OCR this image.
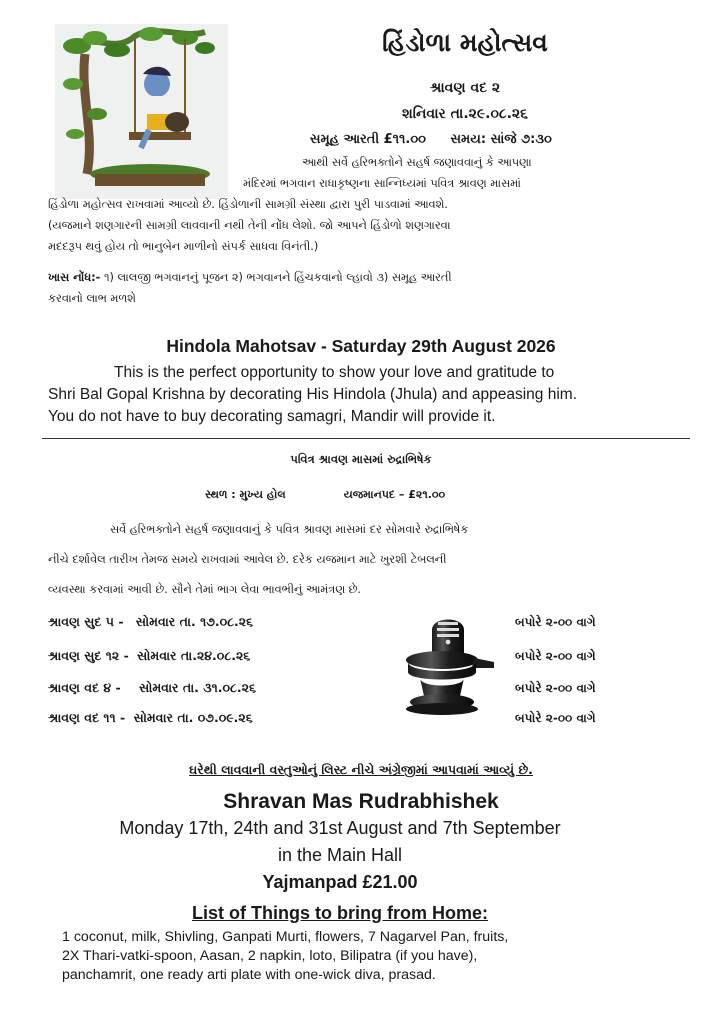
હિંડોળા મહોત્સવ
શ્રાવણ વદ ૨
શનિવાર તા.૨૯.૦૮.૨૬
સમૂહ આરતી £૧૧.૦૦ સમય: સાંજે ૭:૩૦
આથી સર્વે હરિભક્તોને સહર્ષ જણાવવાનું કે આપણા
મંદિરમાં ભગવાન રાધાકૃષ્ણના સાન્નિધ્યમાં પવિત્ર શ્રાવણ માસમાં
હિંડોળા મહોત્સવ રાખવામાં આવ્યો છે. હિંડોળાની સામગ્રી સંસ્થા દ્વારા પુરી પાડવામાં આવશે.
(યજમાને શણગારની સામગ્રી લાવવાની નથી તેની નોંધ લેશો. જો આપને હિંડોળો શણગારવા
મદદરૂપ થવું હોય તો ભાનુબેન માળીનો સંપર્ક સાધવા વિનંતી.)
ખાસ નોંધ:- ૧) લાલજી ભગવાનનું પૂજન ૨) ભગવાનને હિંચકવાનો લ્હાવો ૩) સમૂહ આરતી
કરવાનો લાભ મળશે
Hindola Mahotsav - Saturday 29th August 2026
This is the perfect opportunity to show your love and gratitude to
Shri Bal Gopal Krishna by decorating His Hindola (Jhula) and appeasing him.
You do not have to buy decorating samagri, Mandir will provide it.
પવિત્ર શ્રાવણ માસમાં રુદ્રાભિષેક
સ્થળ : મુખ્ય હોલ	યજમાનપદ – £૨૧.૦૦
સર્વે હરિભક્તોને સહર્ષ જણાવવાનું કે પવિત્ર શ્રાવણ માસમાં દર સોમવારે રુદ્રાભિષેક
નીચે દર્શાવેલ તારીખ તેમજ સમયે રાખવામાં આવેલ છે. દરેક યજમાન માટે ખુરશી ટેબલની
વ્યવસ્થા કરવામાં આવી છે. સૌને તેમાં ભાગ લેવા ભાવભીનું આમંત્રણ છે.
શ્રાવણ સુદ ૫ - સોમવાર તા. ૧૭.૦૮.૨૬	બપોરે ૨-૦૦ વાગે
શ્રાવણ સુદ ૧૨ - સોમવાર તા.૨૪.૦૮.૨૬	બપોરે ૨-૦૦ વાગે
શ્રાવણ વદ ૪ - સોમવાર તા. ૩૧.૦૮.૨૬	બપોરે ૨-૦૦ વાગે
શ્રાવણ વદ ૧૧ - સોમવાર તા. ૦૭.૦૯.૨૬	બપોરે ૨-૦૦ વાગે
ઘરેથી લાવવાની વસ્તુઓનું લિસ્ટ નીચે અંગ્રેજીમાં આપવામાં આવ્યું છે.
Shravan Mas Rudrabhishek
Monday 17th, 24th and 31st August and 7th September
in the Main Hall
Yajmanpad £21.00
List of Things to bring from Home:
1 coconut, milk, Shivling, Ganpati Murti, flowers, 7 Nagarvel Pan, fruits,
2X Thari-vatki-spoon, Aasan, 2 napkin, loto, Bilipatra (if you have),
panchamrit, one ready arti plate with one-wick diva, prasad.
